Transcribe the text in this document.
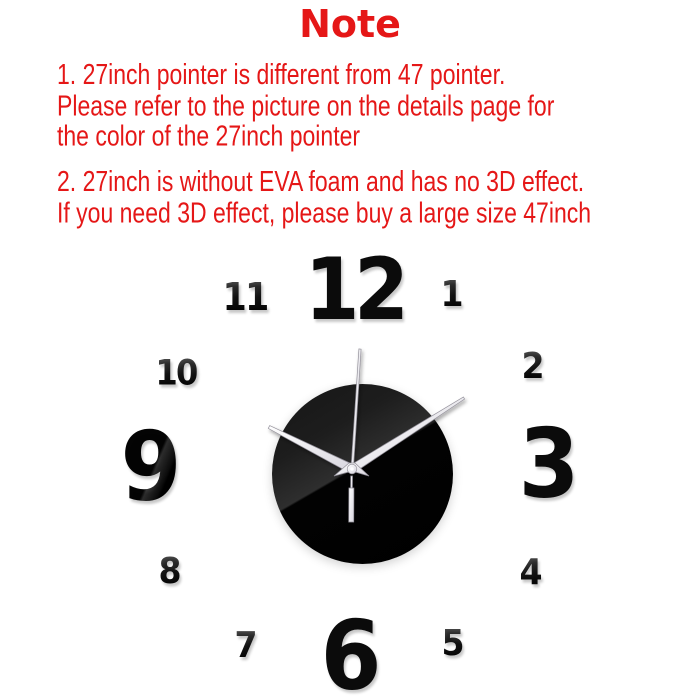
Note
1. 27inch pointer is different from 47 pointer.
Please refer to the picture on the details page for
the color of the 27inch pointer
2. 27inch is without EVA foam and has no 3D effect.
If you need 3D effect, please buy a large size 47inch
12 1
2
3
4
5
6
7
8
9
10
11
